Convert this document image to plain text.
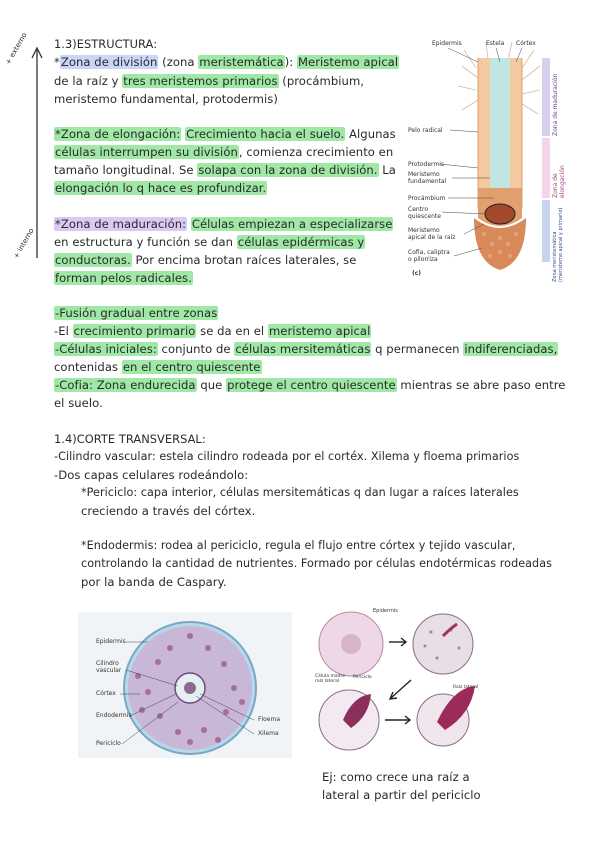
+ externo
+ interno
1.3)ESTRUCTURA:
*Zona de división (zona meristemática): Meristemo apical
de la raíz y tres meristemos primarios (procámbium,
meristemo fundamental, protodermis)
*Zona de elongación: Crecimiento hacia el suelo. Algunas
células interrumpen su división, comienza crecimiento en
tamaño longitudinal. Se solapa con la zona de división. La
elongación lo q hace es profundizar.
*Zona de maduración: Células empiezan a especializarse
en estructura y función se dan células epidérmicas y
conductoras. Por encima brotan raíces laterales, se
forman pelos radicales.
-Fusión gradual entre zonas
-El crecimiento primario se da en el meristemo apical
-Células iniciales: conjunto de células mersitemáticas q permanecen indiferenciadas,
contenidas en el centro quiescente
-Cofia: Zona endurecida que protege el centro quiescente mientras se abre paso entre
el suelo.
1.4)CORTE TRANSVERSAL:
-Cilindro vascular: estela cilindro rodeada por el cortéx. Xilema y floema primarios
-Dos capas celulares rodeándolo:
*Periciclo: capa interior, células mersitemáticas q dan lugar a raíces laterales
creciendo a través del córtex.
*Endodermis: rodea al periciclo, regula el flujo entre córtex y tejido vascular,
controlando la cantidad de nutrientes. Formado por células endotérmicas rodeadas
por la banda de Caspary.
Epidermis	Estela Córtex
Pelo radical
Protodermis
Meristemo
fundamental
Procámbium
Centro
quiescente
Meristemo
apical de la raíz
Cofia, caliptra
o pilorriza
(c)
Zona de maduración
Zona de elongación
Zona meristemática (meristemo apical y primario)
Epidermis
Cilindro
vascular
Córtex
Endodermis
Periciclo
Floema
Xilema
Epidermis
Célula madre raíz lateral
Periciclo
Raíz lateral
Ej: como crece una raíz a
lateral a partir del periciclo
